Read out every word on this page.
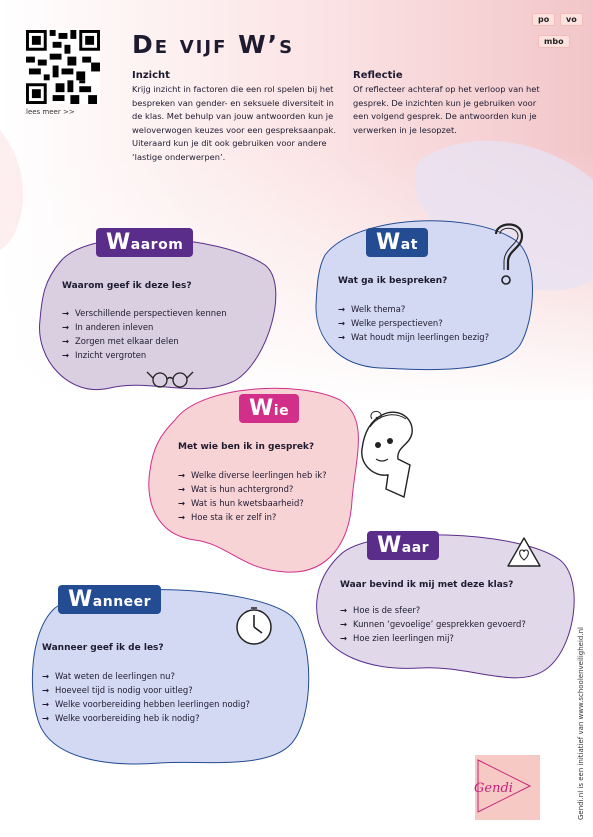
lees meer >>
po	vo
mbo
De vijf W’s
Inzicht
Krijg inzicht in factoren die een rol spelen bij het bespreken van gender- en seksuele diversiteit in de klas. Met behulp van jouw antwoorden kun je weloverwogen keuzes voor een gespreksaanpak. Uiteraard kun je dit ook gebruiken voor andere ‘lastige onderwerpen’.
Reflectie
Of reflecteer achteraf op het verloop van het gesprek. De inzichten kun je gebruiken voor een volgend gesprek. De antwoorden kun je verwerken in je lesopzet.
Waarom
Waarom geef ik deze les?
→ Verschillende perspectieven kennen
→ In anderen inleven
→ Zorgen met elkaar delen
→ Inzicht vergroten
Wat
Wat ga ik bespreken?
→ Welk thema?
→ Welke perspectieven?
→ Wat houdt mijn leerlingen bezig?
Wie
Met wie ben ik in gesprek?
→ Welke diverse leerlingen heb ik?
→ Wat is hun achtergrond?
→ Wat is hun kwetsbaarheid?
→ Hoe sta ik er zelf in?
Waar
Waar bevind ik mij met deze klas?
→ Hoe is de sfeer?
→ Kunnen ‘gevoelige’ gesprekken gevoerd?
→ Hoe zien leerlingen mij?
Wanneer
Wanneer geef ik de les?
→ Wat weten de leerlingen nu?
→ Hoeveel tijd is nodig voor uitleg?
→ Welke voorbereiding hebben leerlingen nodig?
→ Welke voorbereiding heb ik nodig?	Gendi.nl is een initiatief van www.schoolenveiligheid.nl
Gendi
